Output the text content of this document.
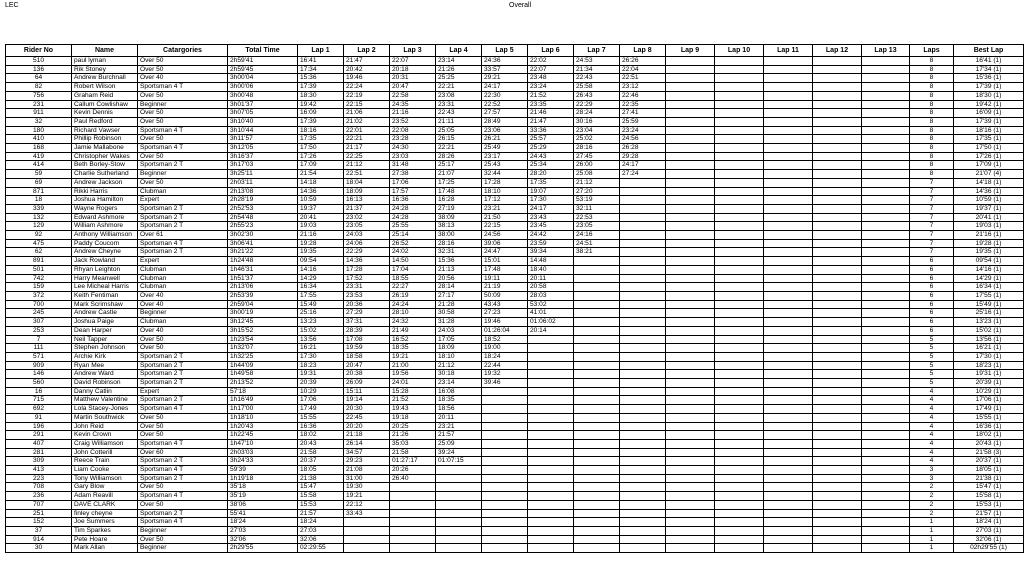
LEC	Overall
Rider No	Name	Catargories	Total Time	Lap 1	Lap 2	Lap 3	Lap 4	Lap 5	Lap 6	Lap 7	Lap 8	Lap 9	Lap 10	Lap 11	Lap 12	Lap 13	Laps	Best Lap
510	paul lyman	Over 50	2h59'41	16:41	21:47	22:07	23:14	24:36	22:02	24:53	26:26						8	16'41 (1)
136	Rik Stoney	Over 50	2h59'45	17:34	20:42	20:18	21:26	33:57	22:07	21:34	22:04						8	17'34 (1)
64	Andrew Burchnall	Over 40	3h00'04	15:36	19:46	20:31	25:25	29:21	23:48	22:43	22:51						8	15'36 (1)
82	Robert Wilson	Sportsman 4 T	3h00'06	17:39	22:24	20:47	22:21	24:17	23:24	25:58	23:12						8	17'39 (1)
756	Graham Reid	Over 50	3h00'48	18:30	22:19	22:58	23:08	22:30	21:52	26:43	22:46						8	18'30 (1)
231	Callum Cowlishaw	Beginner	3h01'37	19:42	22:15	24:35	23:31	22:52	23:35	22:29	22:35						8	19'42 (1)
911	Kevin Dennis	Over 50	3h07'05	16:09	21:06	21:16	22:43	27:57	21:46	28:24	27:41						8	16'09 (1)
32	Paul Redford	Over 50	3h10'40	17:39	21:02	23:52	21:11	28:49	21:47	30:16	25:59						8	17'39 (1)
180	Richard Vawser	Sportsman 4 T	3h10'44	18:16	22:01	22:08	25:05	23:06	33:36	23:04	23:24						8	18'16 (1)
410	Phillip Robinson	Over 50	3h11'57	17:35	22:21	23:28	26:15	26:21	25:57	25:02	24:56						8	17'35 (1)
168	Jamie Mallabone	Sportsman 4 T	3h12'05	17:50	21:17	24:30	22:21	25:49	25:29	28:16	26:28						8	17'50 (1)
419	Christopher Wakes	Over 50	3h16'37	17:26	22:25	23:03	28:26	23:17	24:43	27:45	29:28						8	17'26 (1)
414	Beth Borley-Stow	Sportsman 2 T	3h17'03	17:09	21:12	31:48	25:17	25:43	25:34	26:00	24:17						8	17'09 (1)
59	Charlie Sutherland	Beginner	3h25'11	21:54	22:51	27:38	21:07	32:44	28:20	25:08	27:24						8	21'07 (4)
69	Andrew Jackson	Over 50	2h03'11	14:18	18:04	17:06	17:25	17:28	17:35	21:12							7	14'18 (1)
871	Rikki Harris	Clubman	2h13'08	14:36	18:09	17:57	17:48	18:10	19:07	27:20							7	14'36 (1)
18	Joshua Hamilton	Expert	2h28'19	10:59	16:13	16:36	16:28	17:12	17:30	53:19							7	10'59 (1)
339	Wayne Rogers	Sportsman 2 T	2h52'53	19:37	21:37	24:28	27:19	23:21	24:17	32:11							7	19'37 (1)
132	Edward Ashmore	Sportsman 2 T	2h54'48	20:41	23:02	24:28	38:09	21:50	23:43	22:53							7	20'41 (1)
129	William Ashmore	Sportsman 2 T	2h55'23	19:03	23:05	25:55	38:13	22:15	23:45	23:05							7	19'03 (1)
92	Anthony Williamson	Over 61	3h02'30	21:16	24:03	25:14	38:00	24:56	24:42	24:16							7	21'16 (1)
475	Paddy Coucom	Sportsman 4 T	3h06'41	19:28	24:06	26:52	28:16	39:06	23:59	24:51							7	19'28 (1)
62	Andrew Cheyne	Sportsman 2 T	3h21'22	19:35	22:29	24:02	32:31	24:47	39:34	38:21							7	19'35 (1)
891	Jack Rowland	Expert	1h24'48	09:54	14:36	14:50	15:36	15:01	14:48								6	09'54 (1)
501	Rhyan Leighton	Clubman	1h46'31	14:16	17:28	17:04	21:13	17:48	18:40								6	14'16 (1)
742	Harry Meanwell	Clubman	1h51'37	14:29	17:52	18:55	20:56	19:11	20:11								6	14'29 (1)
159	Lee Micheal Harris	Clubman	2h13'06	16:34	23:31	22:27	28:14	21:19	20:58								6	16'34 (1)
372	Keith Fentiman	Over 40	2h53'39	17:55	23:53	26:19	27:17	50:09	28:03								6	17'55 (1)
700	Mark Scrimshaw	Over 40	2h59'04	15:49	20:36	24:24	21:28	43:43	53:02								6	15'49 (1)
245	Andrew Castle	Beginner	3h00'19	25:16	27:29	28:10	30:58	27:23	41:01								6	25'16 (1)
307	Joshua Paige	Clubman	3h12'45	13:23	37:31	24:32	31:28	19:46	01:06:02								6	13'23 (1)
253	Dean Harper	Over 40	3h15'52	15:02	28:39	21:49	24:03	01:26:04	20:14								6	15'02 (1)
7	Neil Tapper	Over 50	1h23'54	13:56	17:08	16:52	17:05	18:52									5	13'56 (1)
111	Stephen Johnson	Over 50	1h32'07	16:21	19:59	18:35	18:09	19:00									5	16'21 (1)
571	Archie Kirk	Sportsman 2 T	1h32'25	17:30	18:58	19:21	18:10	18:24									5	17'30 (1)
909	Ryan Mee	Sportsman 2 T	1h44'09	18:23	20:47	21:00	21:12	22:44									5	18'23 (1)
146	Andrew Ward	Sportsman 2 T	1h49'58	19:31	20:38	19:56	30:18	19:32									5	19'31 (1)
560	David Robinson	Sportsman 2 T	2h13'52	20:39	26:09	24:01	23:14	39:46									5	20'39 (1)
16	Danny Catlin	Expert	57'18	10:29	15:11	15:28	16:08										4	10'29 (1)
715	Matthew Valentine	Sportsman 2 T	1h16'49	17:06	19:14	21:52	18:35										4	17'06 (1)
692	Lola Stacey-Jones	Sportsman 4 T	1h17'00	17:49	20:30	19:43	18:56										4	17'49 (1)
91	Martin Southwick	Over 50	1h18'10	15:55	22:45	19:18	20:11										4	15'55 (1)
196	John Reid	Over 50	1h20'43	16:36	20:20	20:25	23:21										4	16'36 (1)
291	Kevin Crown	Over 50	1h22'45	18:02	21:18	21:26	21:57										4	18'02 (1)
407	Craig Williamson	Sportsman 4 T	1h47'10	20:43	26:14	35:03	25:09										4	20'43 (1)
281	John Cotterill	Over 60	2h03'03	21:58	34:57	21:58	39:24										4	21'58 (3)
309	Reece Train	Sportsman 2 T	3h24'33	20:37	29:23	01:27:17	01:07:15										4	20'37 (1)
413	Liam Cooke	Sportsman 4 T	59'39	18:05	21:08	20:26											3	18'05 (1)
223	Tony Williamson	Sportsman 2 T	1h19'18	21:38	31:00	26:40											3	21'38 (1)
708	Gary Blow	Over 50	35'18	15:47	19:30												2	15'47 (1)
236	Adam Reavill	Sportsman 4 T	35'19	15:58	19:21												2	15'58 (1)
707	DAVE CLARK	Over 50	38'06	15:53	22:12												2	15'53 (1)
251	finley cheyne	Sportsman 2 T	55'41	21:57	33:43												2	21'57 (1)
152	Joe Summers	Sportsman 4 T	18'24	18:24													1	18'24 (1)
37	Tim Sparkes	Beginner	27'03	27:03													1	27'03 (1)
914	Pete Hoare	Over 50	32'06	32:06													1	32'06 (1)
30	Mark Allan	Beginner	2h29'55	02:29:55													1	02h29'55 (1)
